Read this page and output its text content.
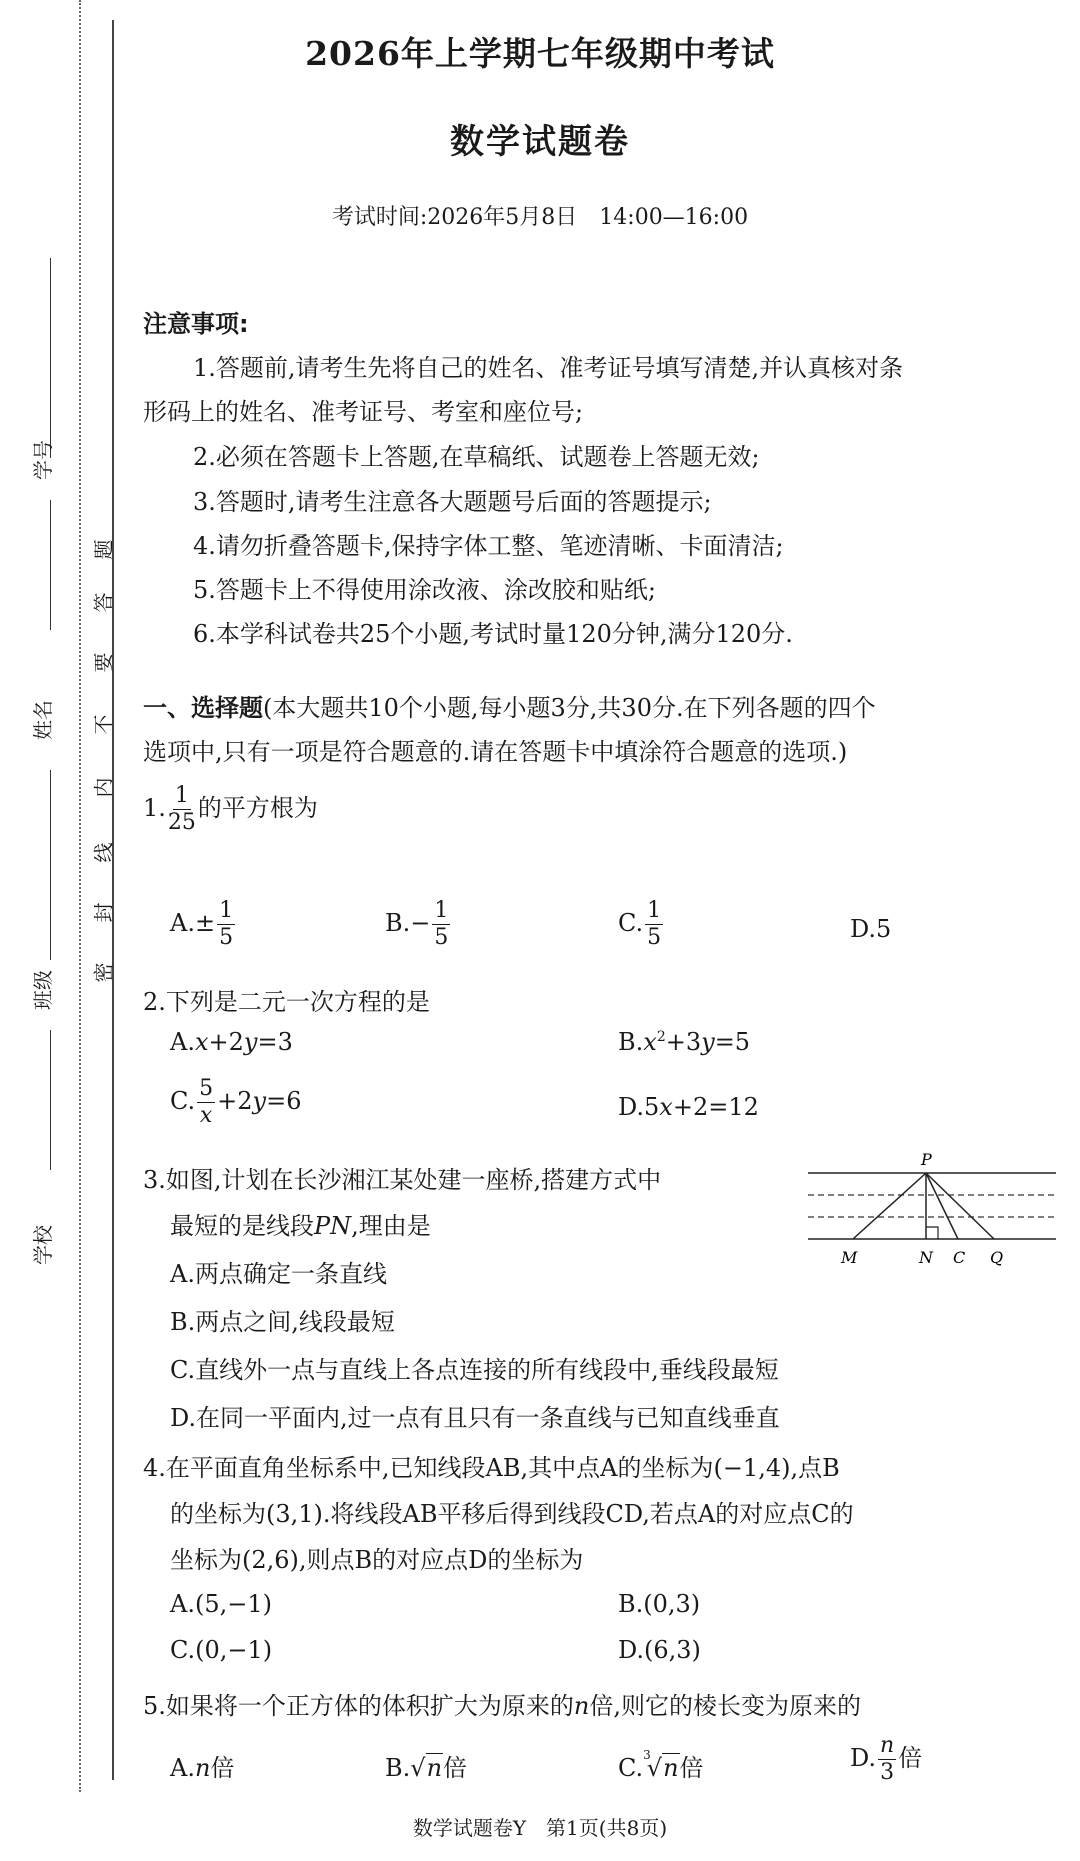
学号
姓名
班级
学校
题
答
要
不
内
线
封
密
2026年上学期七年级期中考试
数学试题卷
考试时间:2026年5月8日　14:00—16:00
注意事项:
1.答题前,请考生先将自己的姓名、准考证号填写清楚,并认真核对条
形码上的姓名、准考证号、考室和座位号;
2.必须在答题卡上答题,在草稿纸、试题卷上答题无效;
3.答题时,请考生注意各大题题号后面的答题提示;
4.请勿折叠答题卡,保持字体工整、笔迹清晰、卡面清洁;
5.答题卡上不得使用涂改液、涂改胶和贴纸;
6.本学科试卷共25个小题,考试时量120分钟,满分120分.
一、选择题(本大题共10个小题,每小题3分,共30分.在下列各题的四个
选项中,只有一项是符合题意的.请在答题卡中填涂符合题意的选项.)
1. $\frac{1}{25}$ 的平方根为
$A.\pm \frac{1}{5}$	$B.- \frac{1}{5}$	C. $\frac{1}{5}$	D.5
2.下列是二元一次方程的是
A.x+2y=3	$B.x^2+3y=5$
C. $\frac{5}{x} +2y=6$	D.5x+2=12
3.如图,计划在长沙湘江某处建一座桥,搭建方式中
最短的是线段PN,理由是
A.两点确定一条直线
B.两点之间,线段最短
C.直线外一点与直线上各点连接的所有线段中,垂线段最短
D.在同一平面内,过一点有且只有一条直线与已知直线垂直
P
M	N C Q
4.在平面直角坐标系中,已知线段AB,其中点A的坐标为(−1,4),点B
的坐标为(3,1).将线段AB平移后得到线段CD,若点A的对应点C的
坐标为(2,6),则点B的对应点D的坐标为
A.(5,−1)	B.(0,3)
C.(0,−1)	D.(6,3)
5.如果将一个正方体的体积扩大为原来的n倍,则它的棱长变为原来的
A.n倍	B.√n倍	C.$^3$√n倍	D. $\frac{n}{3}$ 倍
数学试题卷Y　第1页(共8页)
